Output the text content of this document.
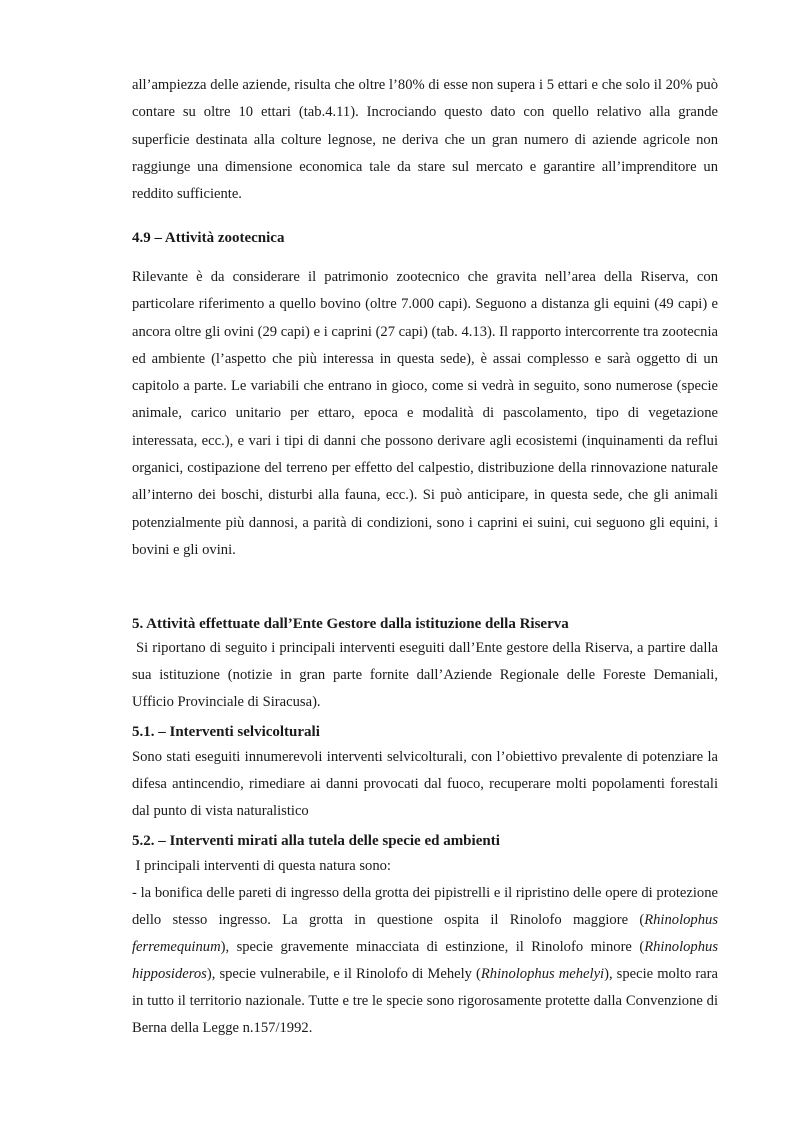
all’ampiezza delle aziende, risulta che oltre l’80% di esse non supera i 5 ettari e che solo il 20% può contare su oltre 10 ettari (tab.4.11). Incrociando questo dato con quello relativo alla grande superficie destinata alla colture legnose, ne deriva che un gran numero di aziende agricole non raggiunge una dimensione economica tale da stare sul mercato e garantire all’imprenditore un reddito sufficiente.

4.9 – Attività zootecnica

Rilevante è da considerare il patrimonio zootecnico che gravita nell’area della Riserva, con particolare riferimento a quello bovino (oltre 7.000 capi). Seguono a distanza gli equini (49 capi) e ancora oltre gli ovini (29 capi) e i caprini (27 capi) (tab. 4.13). Il rapporto intercorrente tra zootecnia ed ambiente (l’aspetto che più interessa in questa sede), è assai complesso e sarà oggetto di un capitolo a parte. Le variabili che entrano in gioco, come si vedrà in seguito, sono numerose (specie animale, carico unitario per ettaro, epoca e modalità di pascolamento, tipo di vegetazione interessata, ecc.), e vari i tipi di danni che possono derivare agli ecosistemi (inquinamenti da reflui organici, costipazione del terreno per effetto del calpestio, distribuzione della rinnovazione naturale all’interno dei boschi, disturbi alla fauna, ecc.). Si può anticipare, in questa sede, che gli animali potenzialmente più dannosi, a parità di condizioni, sono i caprini ei suini, cui seguono gli equini, i bovini e gli ovini.

5. Attività effettuate dall’Ente Gestore dalla istituzione della Riserva

Si riportano di seguito i principali interventi eseguiti dall’Ente gestore della Riserva, a partire dalla sua istituzione (notizie in gran parte fornite dall’Aziende Regionale delle Foreste Demaniali, Ufficio Provinciale di Siracusa).

5.1. – Interventi selvicolturali

Sono stati eseguiti innumerevoli interventi selvicolturali, con l’obiettivo prevalente di potenziare la difesa antincendio, rimediare ai danni provocati dal fuoco, recuperare molti popolamenti forestali dal punto di vista naturalistico

5.2. – Interventi mirati alla tutela delle specie ed ambienti

I principali interventi di questa natura sono:

- la bonifica delle pareti di ingresso della grotta dei pipistrelli e il ripristino delle opere di protezione dello stesso ingresso. La grotta in questione ospita il Rinolofo maggiore (Rhinolophus ferremequinum), specie gravemente minacciata di estinzione, il Rinolofo minore (Rhinolophus hipposideros), specie vulnerabile, e il Rinolofo di Mehely (Rhinolophus mehelyi), specie molto rara in tutto il territorio nazionale. Tutte e tre le specie sono rigorosamente protette dalla Convenzione di Berna della Legge n.157/1992.
